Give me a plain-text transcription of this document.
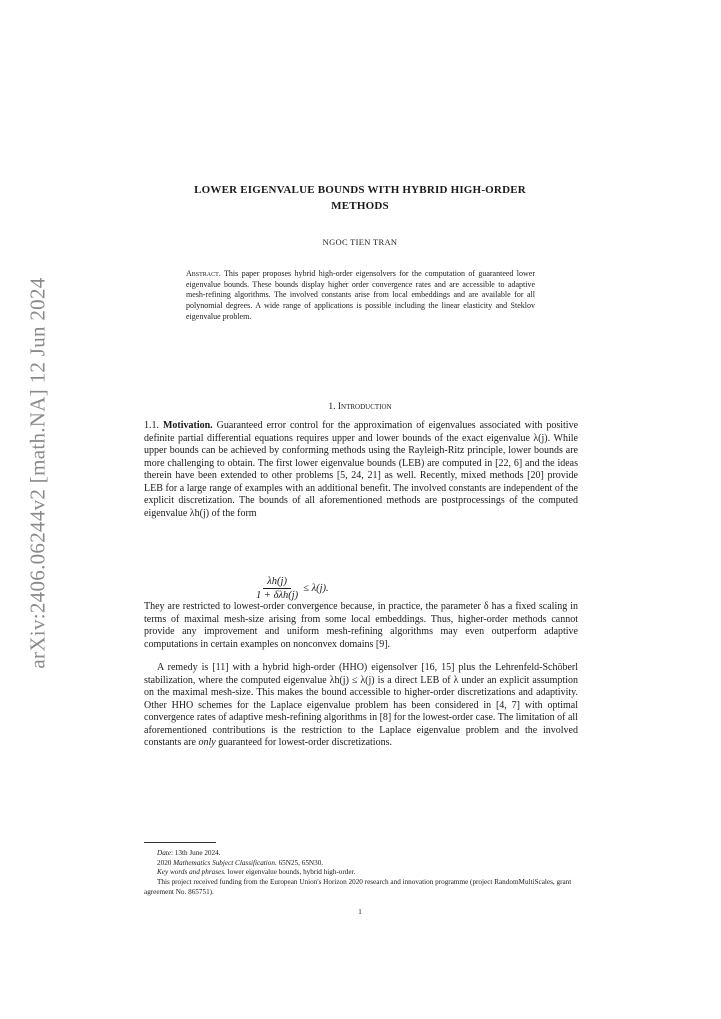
arXiv:2406.06244v2 [math.NA] 12 Jun 2024
LOWER EIGENVALUE BOUNDS WITH HYBRID HIGH-ORDER
METHODS
NGOC TIEN TRAN
Abstract. This paper proposes hybrid high-order eigensolvers for the computation of guaranteed lower eigenvalue bounds. These bounds display higher order convergence rates and are accessible to adaptive mesh-refining algorithms. The involved constants arise from local embeddings and are available for all polynomial degrees. A wide range of applications is possible including the linear elasticity and Steklov eigenvalue problem.
1. Introduction
1.1. Motivation. Guaranteed error control for the approximation of eigenvalues associated with positive definite partial differential equations requires upper and lower bounds of the exact eigenvalue λ(j). While upper bounds can be achieved by conforming methods using the Rayleigh-Ritz principle, lower bounds are more challenging to obtain. The first lower eigenvalue bounds (LEB) are computed in [22, 6] and the ideas therein have been extended to other problems [5, 24, 21] as well. Recently, mixed methods [20] provide LEB for a large range of examples with an additional benefit. The involved constants are independent of the explicit discretization. The bounds of all aforementioned methods are postprocessings of the computed eigenvalue λh(j) of the form
$\frac{\lambda h(j)}{\text{1 + δλh(j)}} \le \lambda(j)$.
They are restricted to lowest-order convergence because, in practice, the parameter δ has a fixed scaling in terms of maximal mesh-size arising from some local embeddings. Thus, higher-order methods cannot provide any improvement and uniform mesh-refining algorithms may even outperform adaptive computations in certain examples on nonconvex domains [9].
A remedy is [11] with a hybrid high-order (HHO) eigensolver [16, 15] plus the Lehrenfeld-Schöberl stabilization, where the computed eigenvalue λh(j) ≤ λ(j) is a direct LEB of λ under an explicit assumption on the maximal mesh-size. This makes the bound accessible to higher-order discretizations and adaptivity. Other HHO schemes for the Laplace eigenvalue problem has been considered in [4, 7] with optimal convergence rates of adaptive mesh-refining algorithms in [8] for the lowest-order case. The limitation of all aforementioned contributions is the restriction to the Laplace eigenvalue problem and the involved constants are only guaranteed for lowest-order discretizations.
Date: 13th June 2024.
2020 Mathematics Subject Classification. 65N25, 65N30.
Key words and phrases. lower eigenvalue bounds, hybrid high-order.
This project received funding from the European Union's Horizon 2020 research and innovation programme (project RandomMultiScales, grant agreement No. 865751).
1
